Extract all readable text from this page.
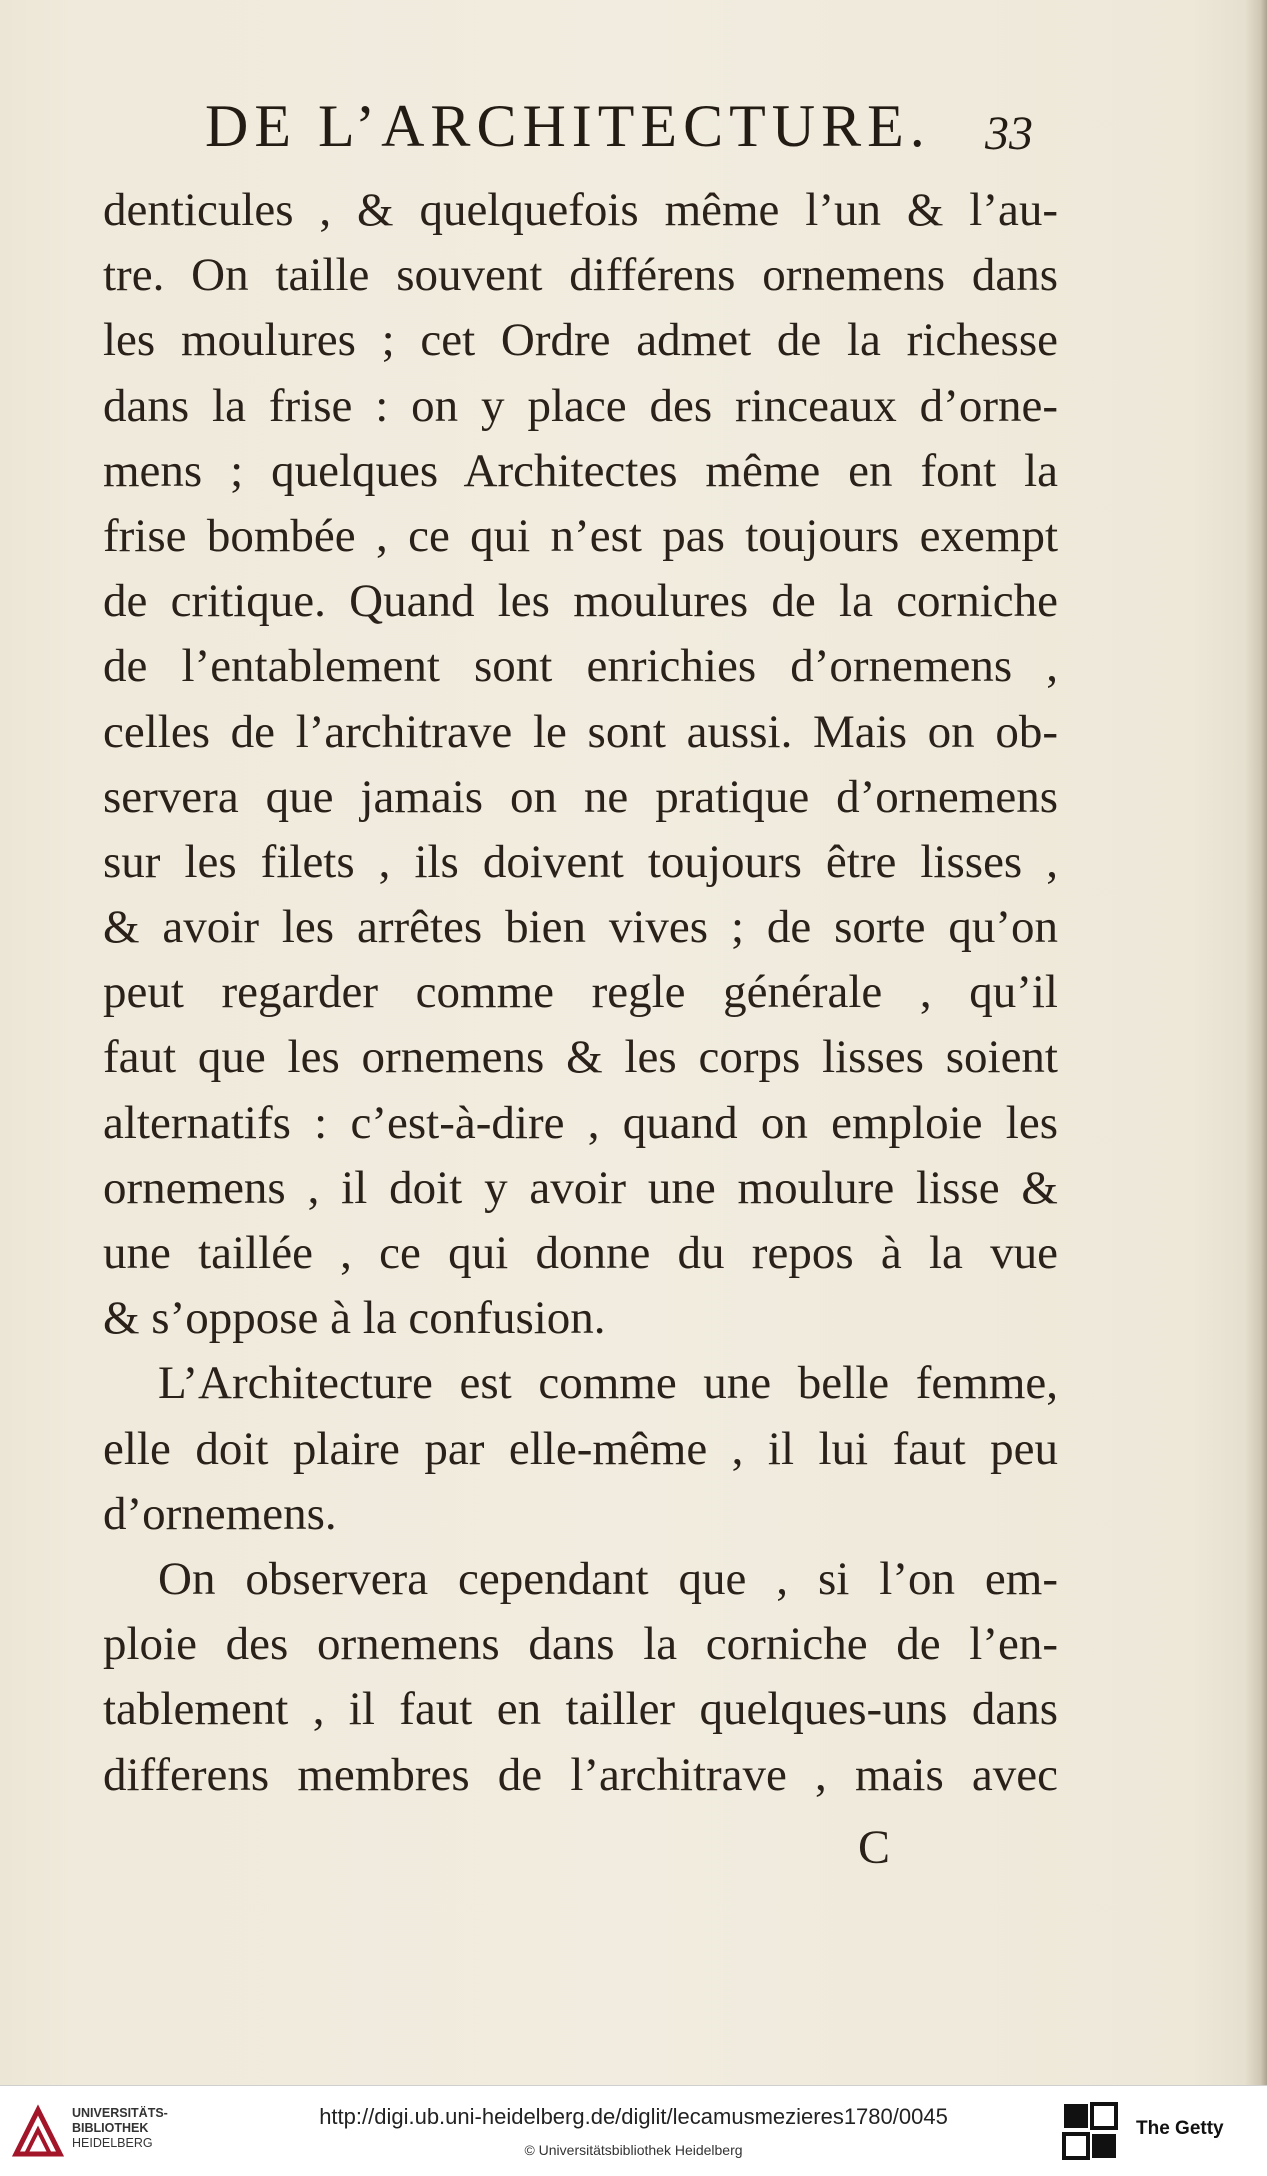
DE L’ARCHITECTURE. 33
denticules , & quelquefois même l’un & l’au-
tre. On taille souvent différens ornemens dans
les moulures ; cet Ordre admet de la richesse
dans la frise : on y place des rinceaux d’orne-
mens ; quelques Architectes même en font la
frise bombée , ce qui n’est pas toujours exempt
de critique. Quand les moulures de la corniche
de l’entablement sont enrichies d’ornemens ,
celles de l’architrave le sont aussi. Mais on ob-
servera que jamais on ne pratique d’ornemens
sur les filets , ils doivent toujours être lisses ,
& avoir les arrêtes bien vives ; de sorte qu’on
peut regarder comme regle générale , qu’il
faut que les ornemens & les corps lisses soient
alternatifs : c’est-à-dire , quand on emploie les
ornemens , il doit y avoir une moulure lisse &
une taillée , ce qui donne du repos à la vue
& s’oppose à la confusion.
L’Architecture est comme une belle femme,
elle doit plaire par elle-même , il lui faut peu
d’ornemens.
On observera cependant que , si l’on em-
ploie des ornemens dans la corniche de l’en-
tablement , il faut en tailler quelques-uns dans
differens membres de l’architrave , mais avec
C
UNIVERSITÄTS-
BIBLIOTHEK
HEIDELBERG
http://digi.ub.uni-heidelberg.de/diglit/lecamusmezieres1780/0045
© Universitätsbibliothek Heidelberg
The Getty
